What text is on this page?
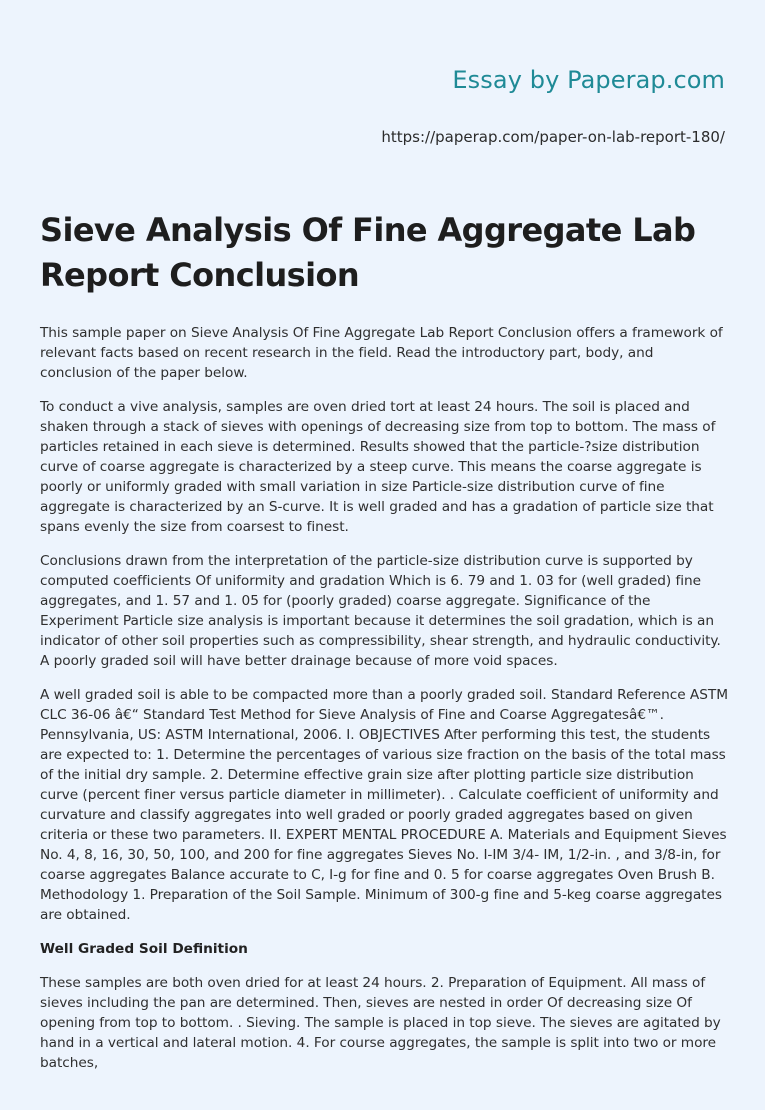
Essay by Paperap.com
https://paperap.com/paper-on-lab-report-180/
Sieve Analysis Of Fine Aggregate Lab Report Conclusion

This sample paper on Sieve Analysis Of Fine Aggregate Lab Report Conclusion offers a framework of relevant facts based on recent research in the field. Read the introductory part, body, and conclusion of the paper below.

To conduct a vive analysis, samples are oven dried tort at least 24 hours. The soil is placed and shaken through a stack of sieves with openings of decreasing size from top to bottom. The mass of particles retained in each sieve is determined. Results showed that the particle-?size distribution curve of coarse aggregate is characterized by a steep curve. This means the coarse aggregate is poorly or uniformly graded with small variation in size Particle-size distribution curve of fine aggregate is characterized by an S-curve. It is well graded and has a gradation of particle size that spans evenly the size from coarsest to finest.

Conclusions drawn from the interpretation of the particle-size distribution curve is supported by computed coefficients Of uniformity and gradation Which is 6. 79 and 1. 03 for (well graded) fine aggregates, and 1. 57 and 1. 05 for (poorly graded) coarse aggregate. Significance of the Experiment Particle size analysis is important because it determines the soil gradation, which is an indicator of other soil properties such as compressibility, shear strength, and hydraulic conductivity. A poorly graded soil will have better drainage because of more void spaces.

A well graded soil is able to be compacted more than a poorly graded soil. Standard Reference ASTM CLC 36-06 â€“ Standard Test Method for Sieve Analysis of Fine and Coarse Aggregatesâ€™. Pennsylvania, US: ASTM International, 2006. I. OBJECTIVES After performing this test, the students are expected to: 1. Determine the percentages of various size fraction on the basis of the total mass of the initial dry sample. 2. Determine effective grain size after plotting particle size distribution curve (percent finer versus particle diameter in millimeter). . Calculate coefficient of uniformity and curvature and classify aggregates into well graded or poorly graded aggregates based on given criteria or these two parameters. II. EXPERT MENTAL PROCEDURE A. Materials and Equipment Sieves No. 4, 8, 16, 30, 50, 100, and 200 for fine aggregates Sieves No. I-IM 3/4- IM, 1/2-in. , and 3/8-in, for coarse aggregates Balance accurate to C, I-g for fine and 0. 5 for coarse aggregates Oven Brush B. Methodology 1. Preparation of the Soil Sample. Minimum of 300-g fine and 5-keg coarse aggregates are obtained.

Well Graded Soil Definition

These samples are both oven dried for at least 24 hours. 2. Preparation of Equipment. All mass of sieves including the pan are determined. Then, sieves are nested in order Of decreasing size Of opening from top to bottom. . Sieving. The sample is placed in top sieve. The sieves are agitated by hand in a vertical and lateral motion. 4. For course aggregates, the sample is split into two or more batches,
